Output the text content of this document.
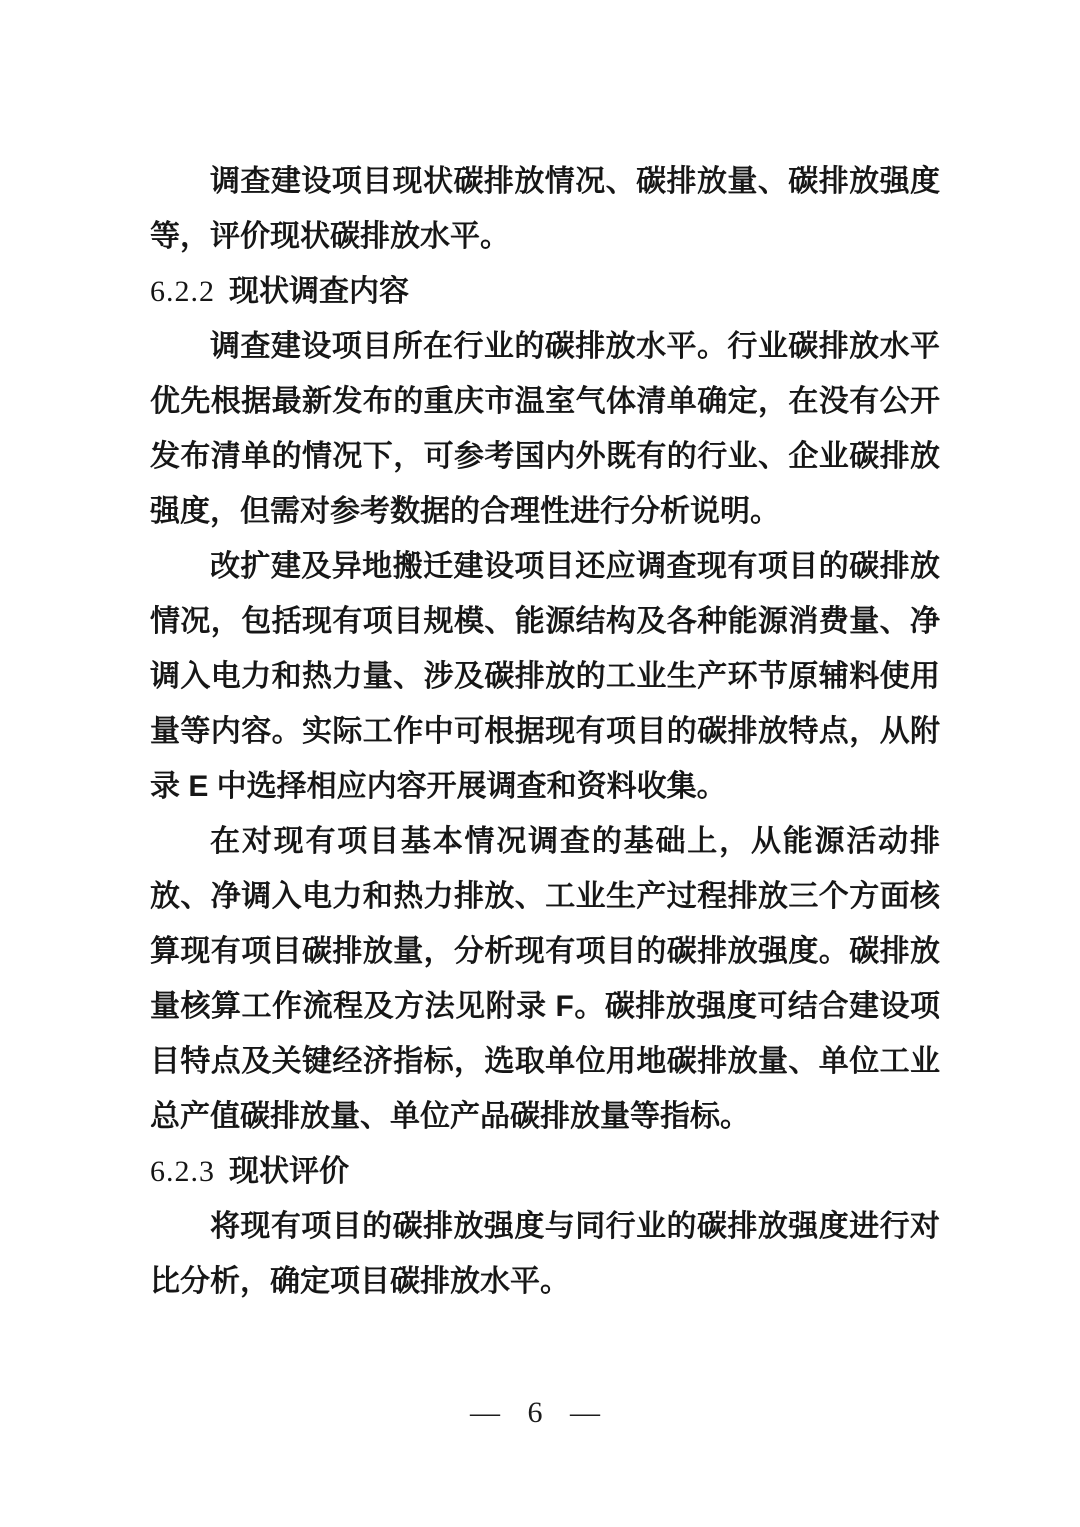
调查建设项目现状碳排放情况、碳排放量、碳排放强度等，评价现状碳排放水平。

6.2.2 现状调查内容

调查建设项目所在行业的碳排放水平。行业碳排放水平优先根据最新发布的重庆市温室气体清单确定，在没有公开发布清单的情况下，可参考国内外既有的行业、企业碳排放强度，但需对参考数据的合理性进行分析说明。

改扩建及异地搬迁建设项目还应调查现有项目的碳排放情况，包括现有项目规模、能源结构及各种能源消费量、净调入电力和热力量、涉及碳排放的工业生产环节原辅料使用量等内容。实际工作中可根据现有项目的碳排放特点，从附录 E 中选择相应内容开展调查和资料收集。

在对现有项目基本情况调查的基础上，从能源活动排放、净调入电力和热力排放、工业生产过程排放三个方面核算现有项目碳排放量，分析现有项目的碳排放强度。碳排放量核算工作流程及方法见附录 F。碳排放强度可结合建设项目特点及关键经济指标，选取单位用地碳排放量、单位工业总产值碳排放量、单位产品碳排放量等指标。

6.2.3 现状评价

将现有项目的碳排放强度与同行业的碳排放强度进行对比分析，确定项目碳排放水平。

— 6 —
